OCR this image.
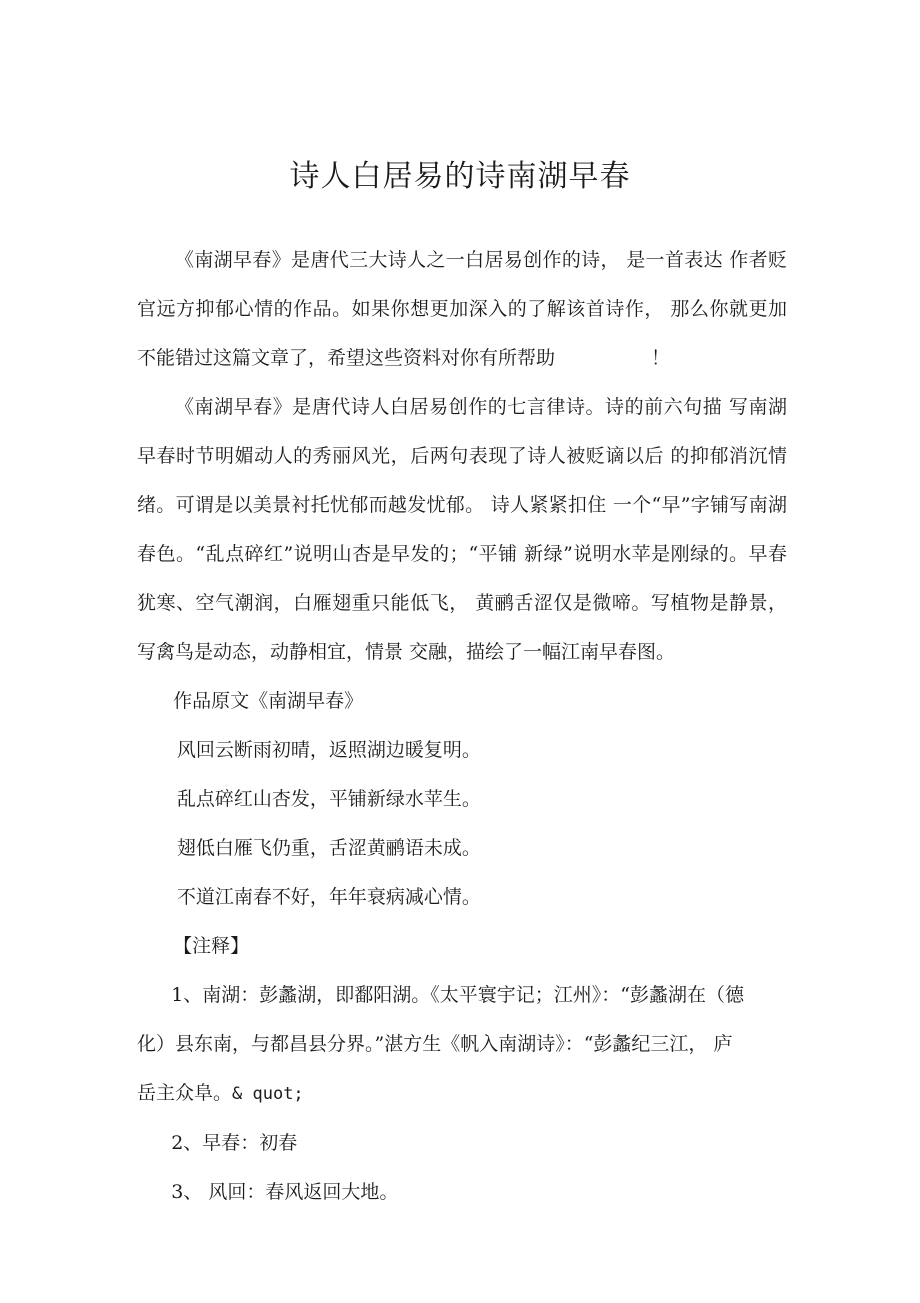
诗人白居易的诗南湖早春

《南湖早春》是唐代三大诗人之一白居易创作的诗， 是一首表达 作者贬官远方抑郁心情的作品。如果你想更加深入的了解该首诗作， 那么你就更加不能错过这篇文章了，希望这些资料对你有所帮助	！

《南湖早春》是唐代诗人白居易创作的七言律诗。诗的前六句描 写南湖早春时节明媚动人的秀丽风光，后两句表现了诗人被贬谪以后 的抑郁消沉情绪。可谓是以美景衬托忧郁而越发忧郁。 诗人紧紧扣住 一个“早”字铺写南湖春色。“乱点碎红”说明山杏是早发的；“平铺 新绿”说明水苹是刚绿的。早春犹寒、空气潮润，白雁翅重只能低飞， 黄鹂舌涩仅是微啼。写植物是静景，写禽鸟是动态，动静相宜，情景 交融，描绘了一幅江南早春图。

作品原文《南湖早春》

风回云断雨初晴，返照湖边暖复明。

乱点碎红山杏发，平铺新绿水苹生。

翅低白雁飞仍重，舌涩黄鹂语未成。

不道江南春不好，年年衰病减心情。

【注释】

1、南湖：彭蠡湖，即鄱阳湖。《太平寰宇记；江州》：“彭蠡湖在（德

化）县东南，与都昌县分界。”湛方生《帆入南湖诗》：“彭蠡纪三江， 庐

岳主众阜。& quot;

2、早春：初春

3、 风回：春风返回大地。
